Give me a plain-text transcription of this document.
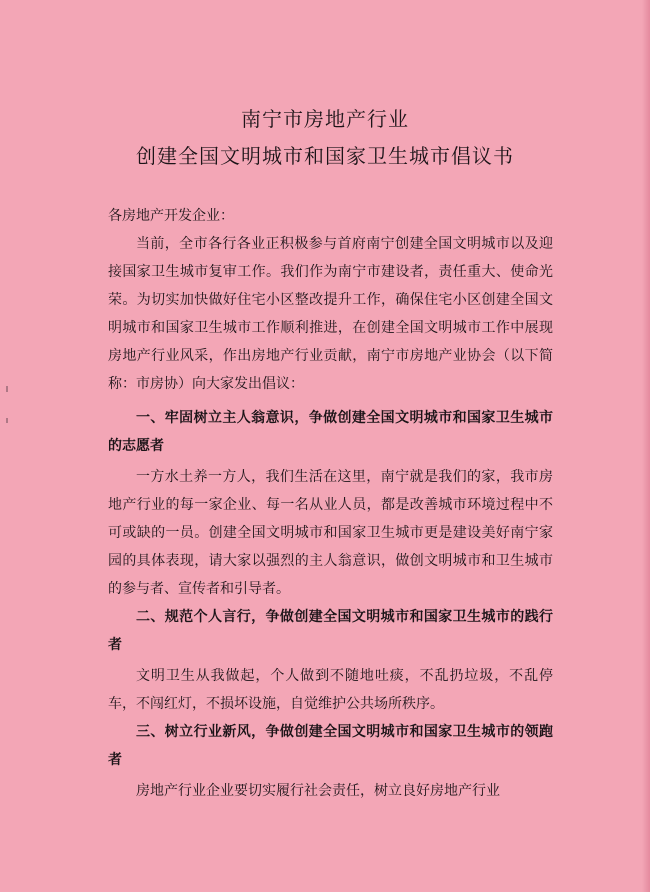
南宁市房地产行业
创建全国文明城市和国家卫生城市倡议书
各房地产开发企业：
当前，全市各行各业正积极参与首府南宁创建全国文明城市以及迎接国家卫生城市复审工作。我们作为南宁市建设者，责任重大、使命光荣。为切实加快做好住宅小区整改提升工作，确保住宅小区创建全国文明城市和国家卫生城市工作顺利推进，在创建全国文明城市工作中展现房地产行业风采，作出房地产行业贡献，南宁市房地产业协会（以下简称：市房协）向大家发出倡议：
一、牢固树立主人翁意识，争做创建全国文明城市和国家卫生城市的志愿者
一方水土养一方人，我们生活在这里，南宁就是我们的家，我市房地产行业的每一家企业、每一名从业人员，都是改善城市环境过程中不可或缺的一员。创建全国文明城市和国家卫生城市更是建设美好南宁家园的具体表现，请大家以强烈的主人翁意识，做创文明城市和卫生城市的参与者、宣传者和引导者。
二、规范个人言行，争做创建全国文明城市和国家卫生城市的践行者
文明卫生从我做起，个人做到不随地吐痰，不乱扔垃圾，不乱停车，不闯红灯，不损坏设施，自觉维护公共场所秩序。
三、树立行业新风，争做创建全国文明城市和国家卫生城市的领跑者
房地产行业企业要切实履行社会责任，树立良好房地产行业
